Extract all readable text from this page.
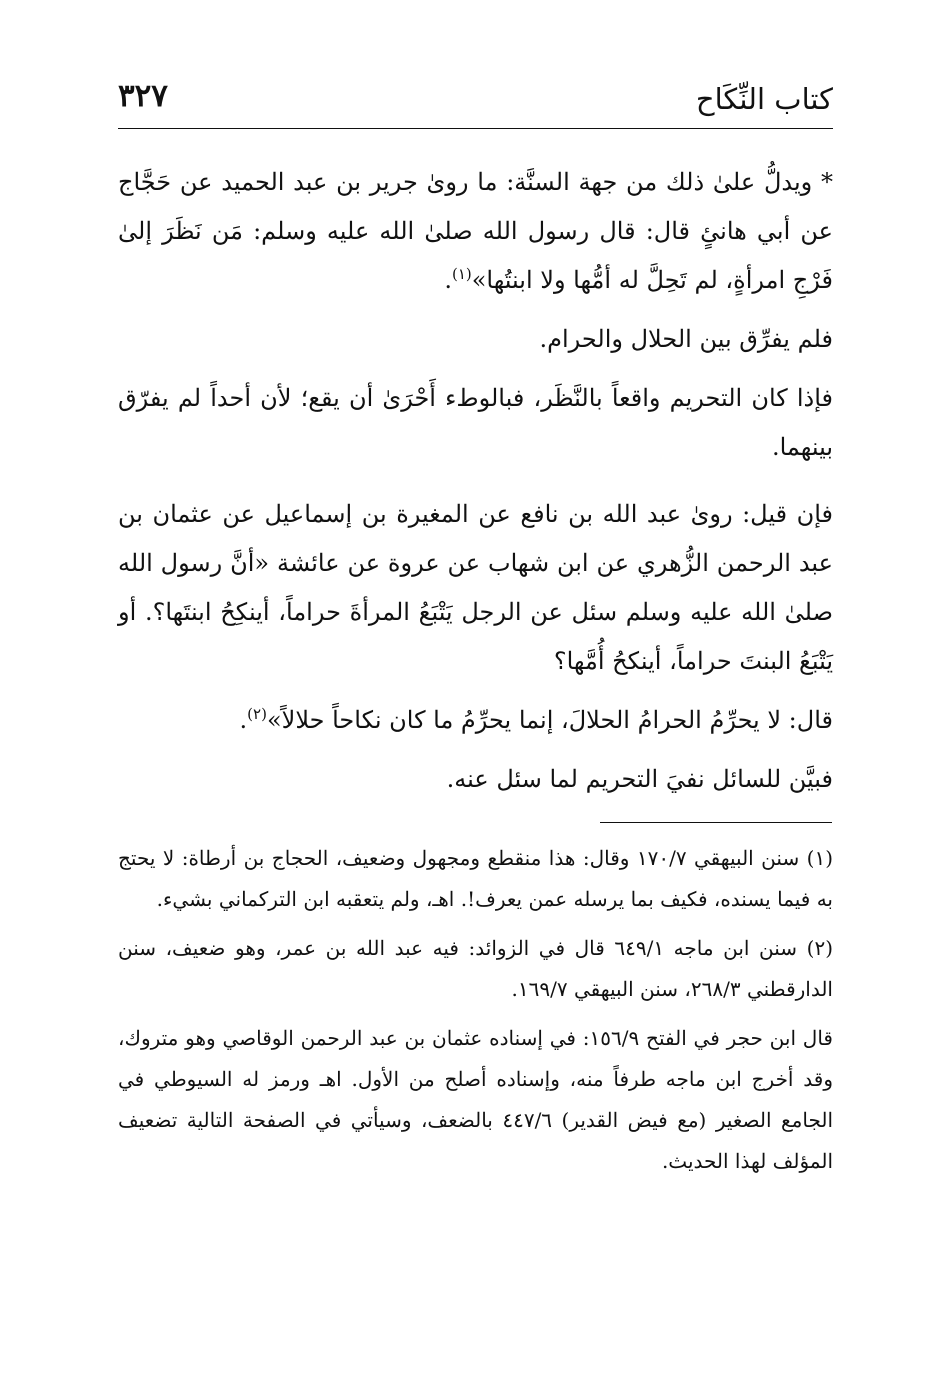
كتاب النِّكَاح
٣٢٧

* ويدلُّ علىٰ ذلك من جهة السنَّة: ما روىٰ جرير بن عبد الحميد عن حَجَّاج عن أبي هانئٍ قال: قال رسول الله صلىٰ الله عليه وسلم: مَن نَظَرَ إلىٰ فَرْجِ امرأةٍ، لم تَحِلَّ له أمُّها ولا ابنتُها»$^{(١)}$.

فلم يفرِّق بين الحلال والحرام.

فإذا كان التحريم واقعاً بالنَّظَر، فبالوطء أَحْرَىٰ أن يقع؛ لأن أحداً لم يفرّق بينهما.

فإن قيل: روىٰ عبد الله بن نافع عن المغيرة بن إسماعيل عن عثمان بن عبد الرحمن الزُّهري عن ابن شهاب عن عروة عن عائشة «أنَّ رسول الله صلىٰ الله عليه وسلم سئل عن الرجل يَتْبَعُ المرأةَ حراماً، أينكِحُ ابنتَها؟. أو يَتْبَعُ البنتَ حراماً، أينكحُ أُمَّها؟

قال: لا يحرِّمُ الحرامُ الحلالَ، إنما يحرِّمُ ما كان نكاحاً حلالاً»$^{(٢)}$.

فبيَّن للسائل نفيَ التحريم لما سئل عنه.

(١) سنن البيهقي ١٧٠/٧ وقال: هذا منقطع ومجهول وضعيف، الحجاج بن أرطاة: لا يحتج به فيما يسنده، فكيف بما يرسله عمن يعرف!. اهـ، ولم يتعقبه ابن التركماني بشيء.

(٢) سنن ابن ماجه ٦٤٩/١ قال في الزوائد: فيه عبد الله بن عمر، وهو ضعيف، سنن الدارقطني ٢٦٨/٣، سنن البيهقي ١٦٩/٧.

قال ابن حجر في الفتح ١٥٦/٩: في إسناده عثمان بن عبد الرحمن الوقاصي وهو متروك، وقد أخرج ابن ماجه طرفاً منه، وإسناده أصلح من الأول. اهـ ورمز له السيوطي في الجامع الصغير (مع فيض القدير) ٤٤٧/٦ بالضعف، وسيأتي في الصفحة التالية تضعيف المؤلف لهذا الحديث.
